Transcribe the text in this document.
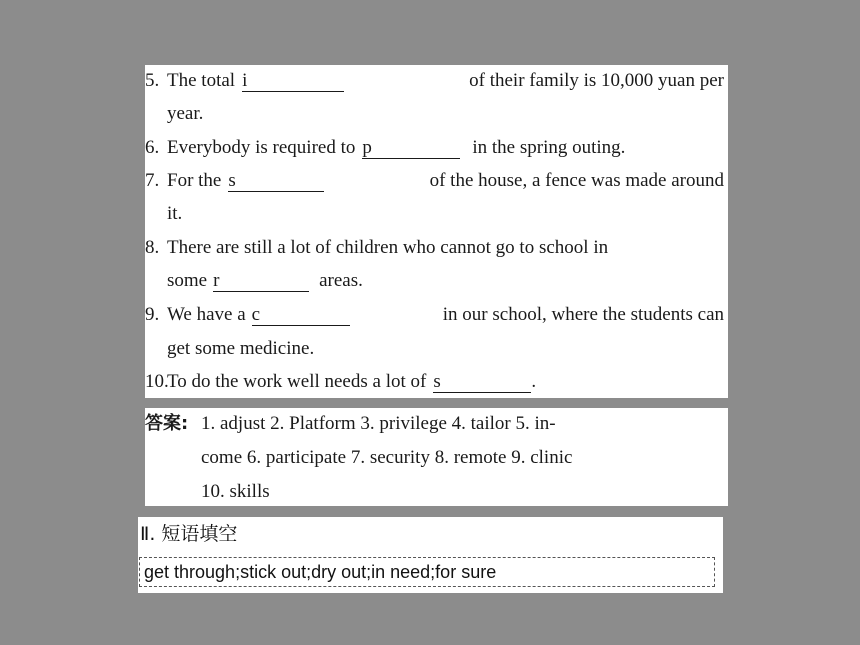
5. The total i	of their family is 10,000 yuan per
year.
6. Everybody is required to p	in the spring outing.
7. For the s	of the house, a fence was made around
it.
8. There are still a lot of children who cannot go to school in
some r	areas.
9. We have a c	in our school, where the students can
get some medicine.
10.
To do the work well needs a lot of s	.
答案: 1. adjust 2. Platform 3. privilege 4. tailor 5. in-
come 6. participate 7. security 8. remote 9. clinic
10. skills
Ⅱ. 短语填空
get through;stick out;dry out;in need;for sure
